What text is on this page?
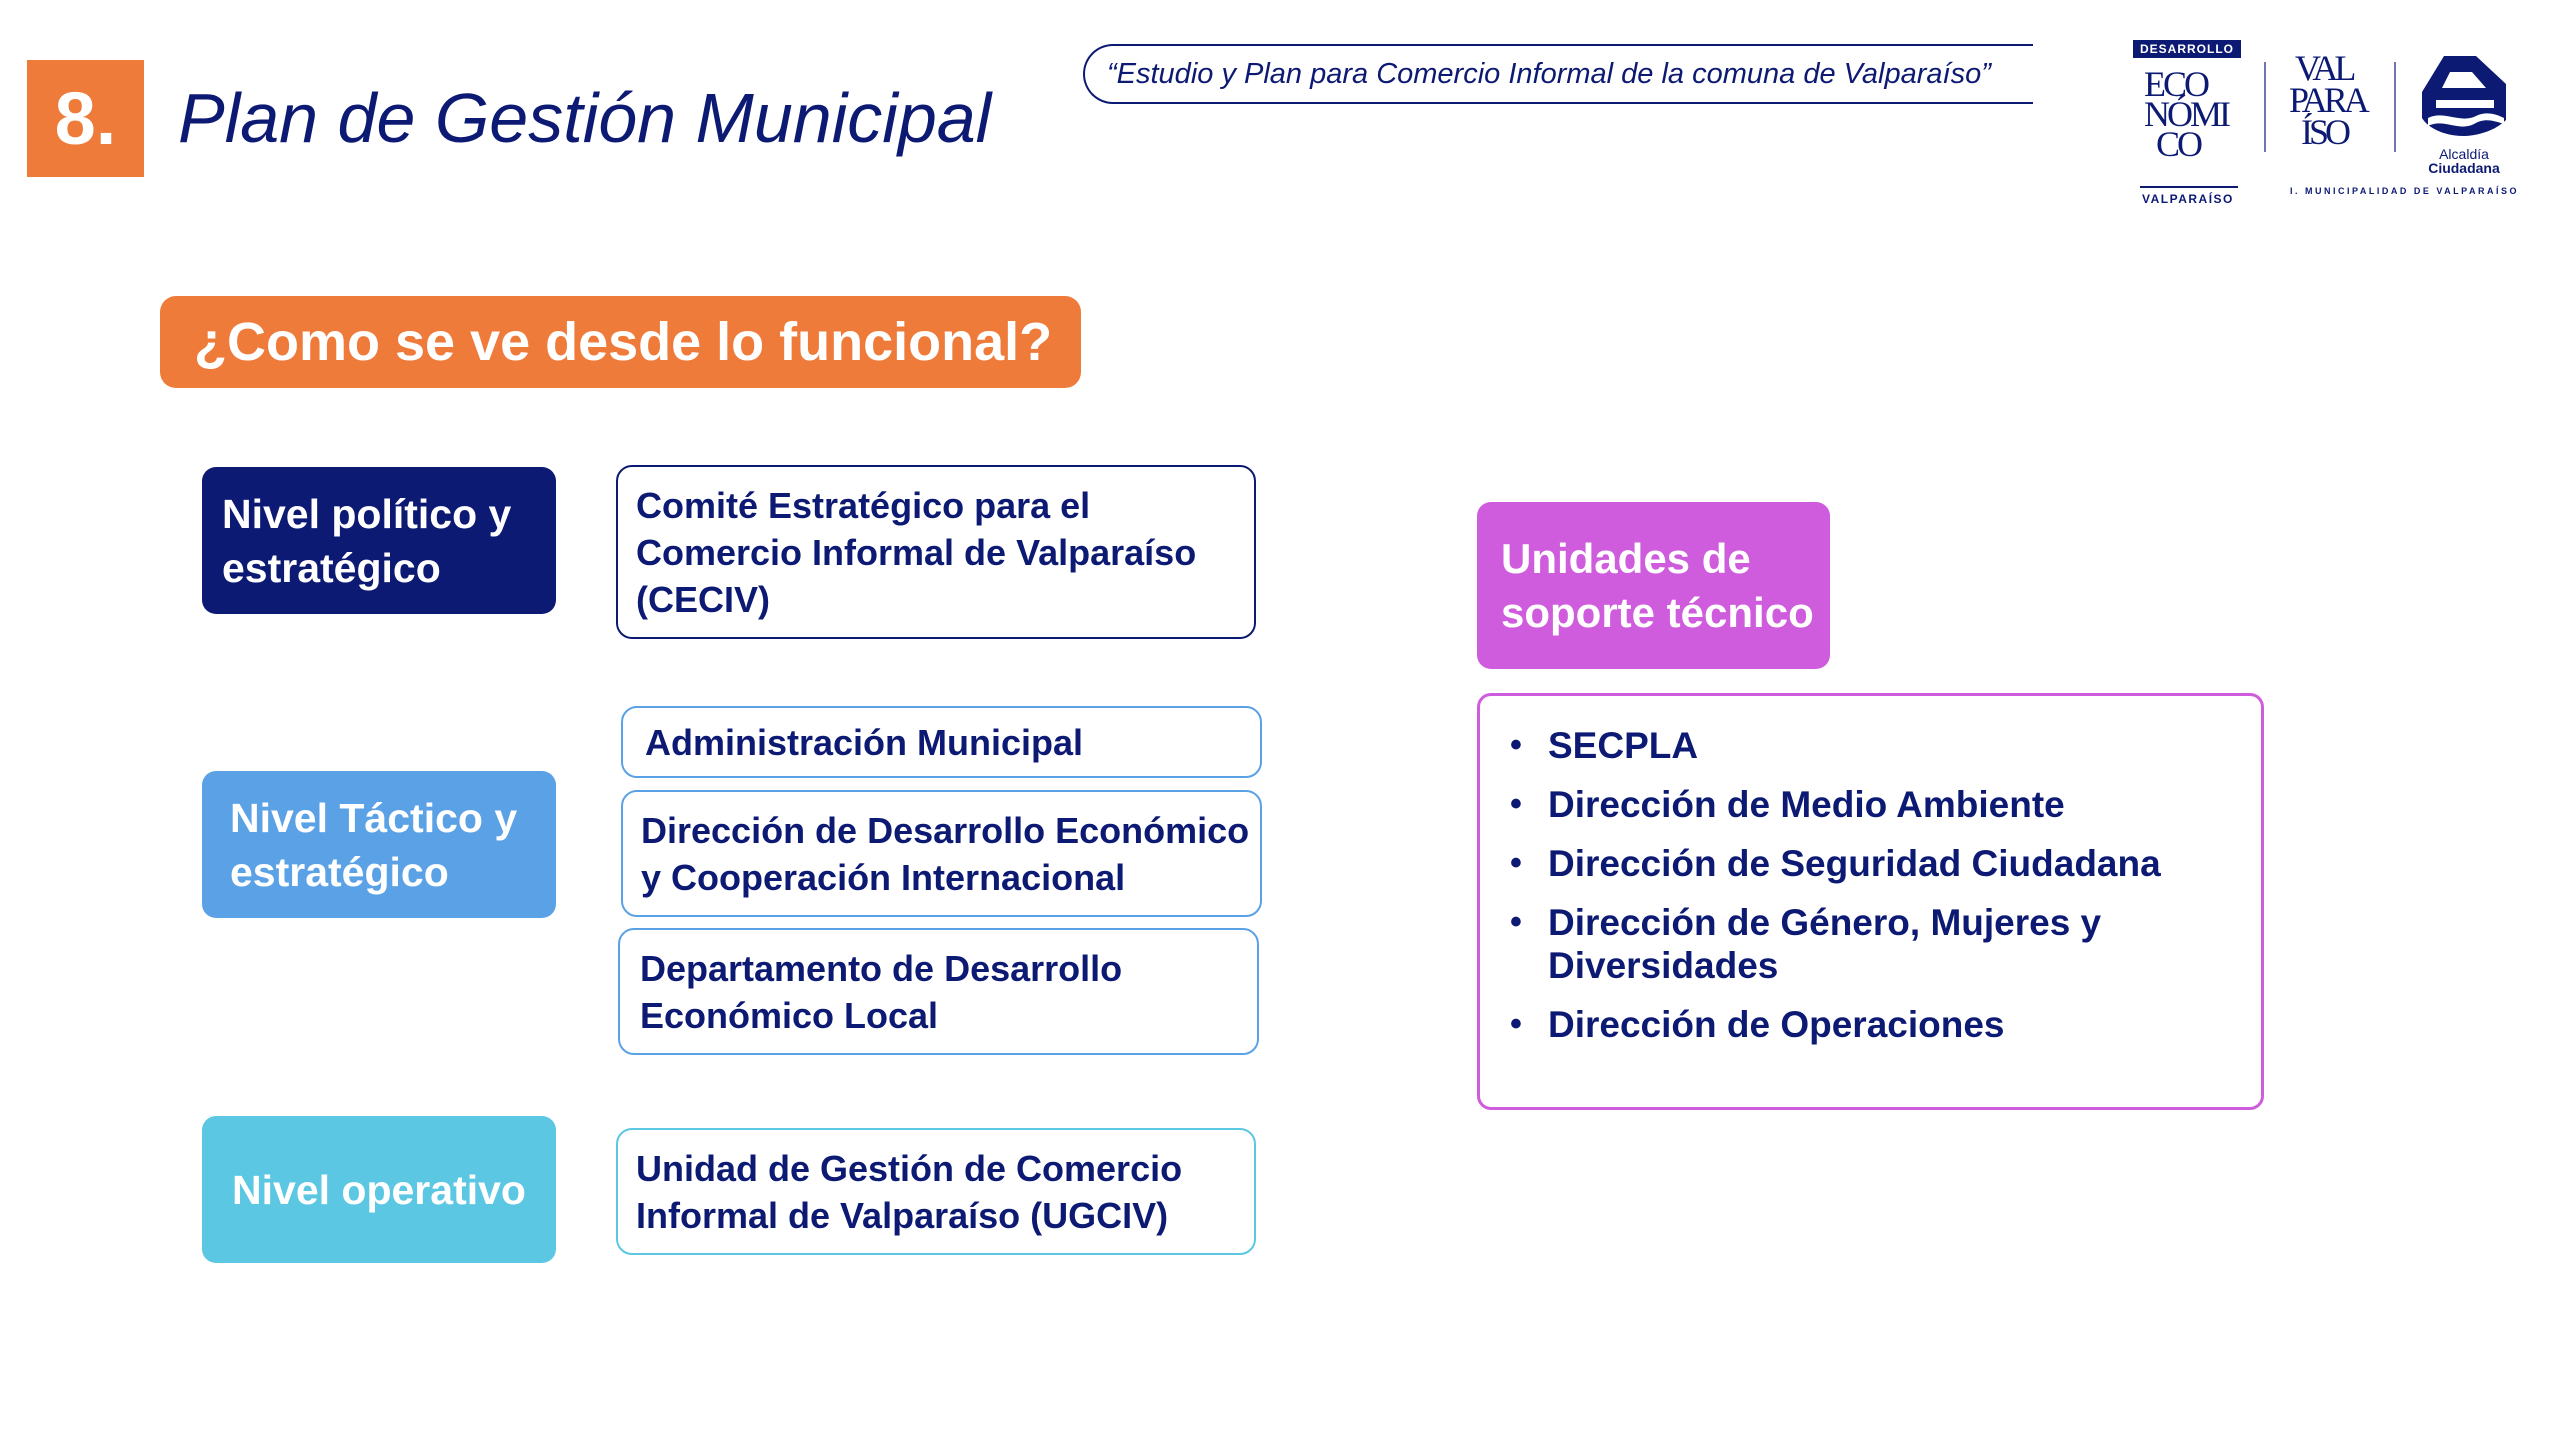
8. Plan de Gestión Municipal
“Estudio y Plan para Comercio Informal de la comuna de Valparaíso”
DESARROLLO
ECO
NÓMI
CO
VALPARAÍSO
VAL
PARA
ÍSO
Alcaldía
Ciudadana
I. MUNICIPALIDAD DE VALPARAÍSO
¿Como se ve desde lo funcional?
Nivel político y estratégico
Nivel Táctico y estratégico
Nivel operativo
Comité Estratégico para el Comercio Informal de Valparaíso (CECIV)
Administración Municipal
Dirección de Desarrollo Económico y Cooperación Internacional
Departamento de Desarrollo Económico Local
Unidad de Gestión de Comercio Informal de Valparaíso (UGCIV)
Unidades de soporte técnico
• SECPLA
• Dirección de Medio Ambiente
• Dirección de Seguridad Ciudadana
• Dirección de Género, Mujeres y Diversidades
• Dirección de Operaciones
